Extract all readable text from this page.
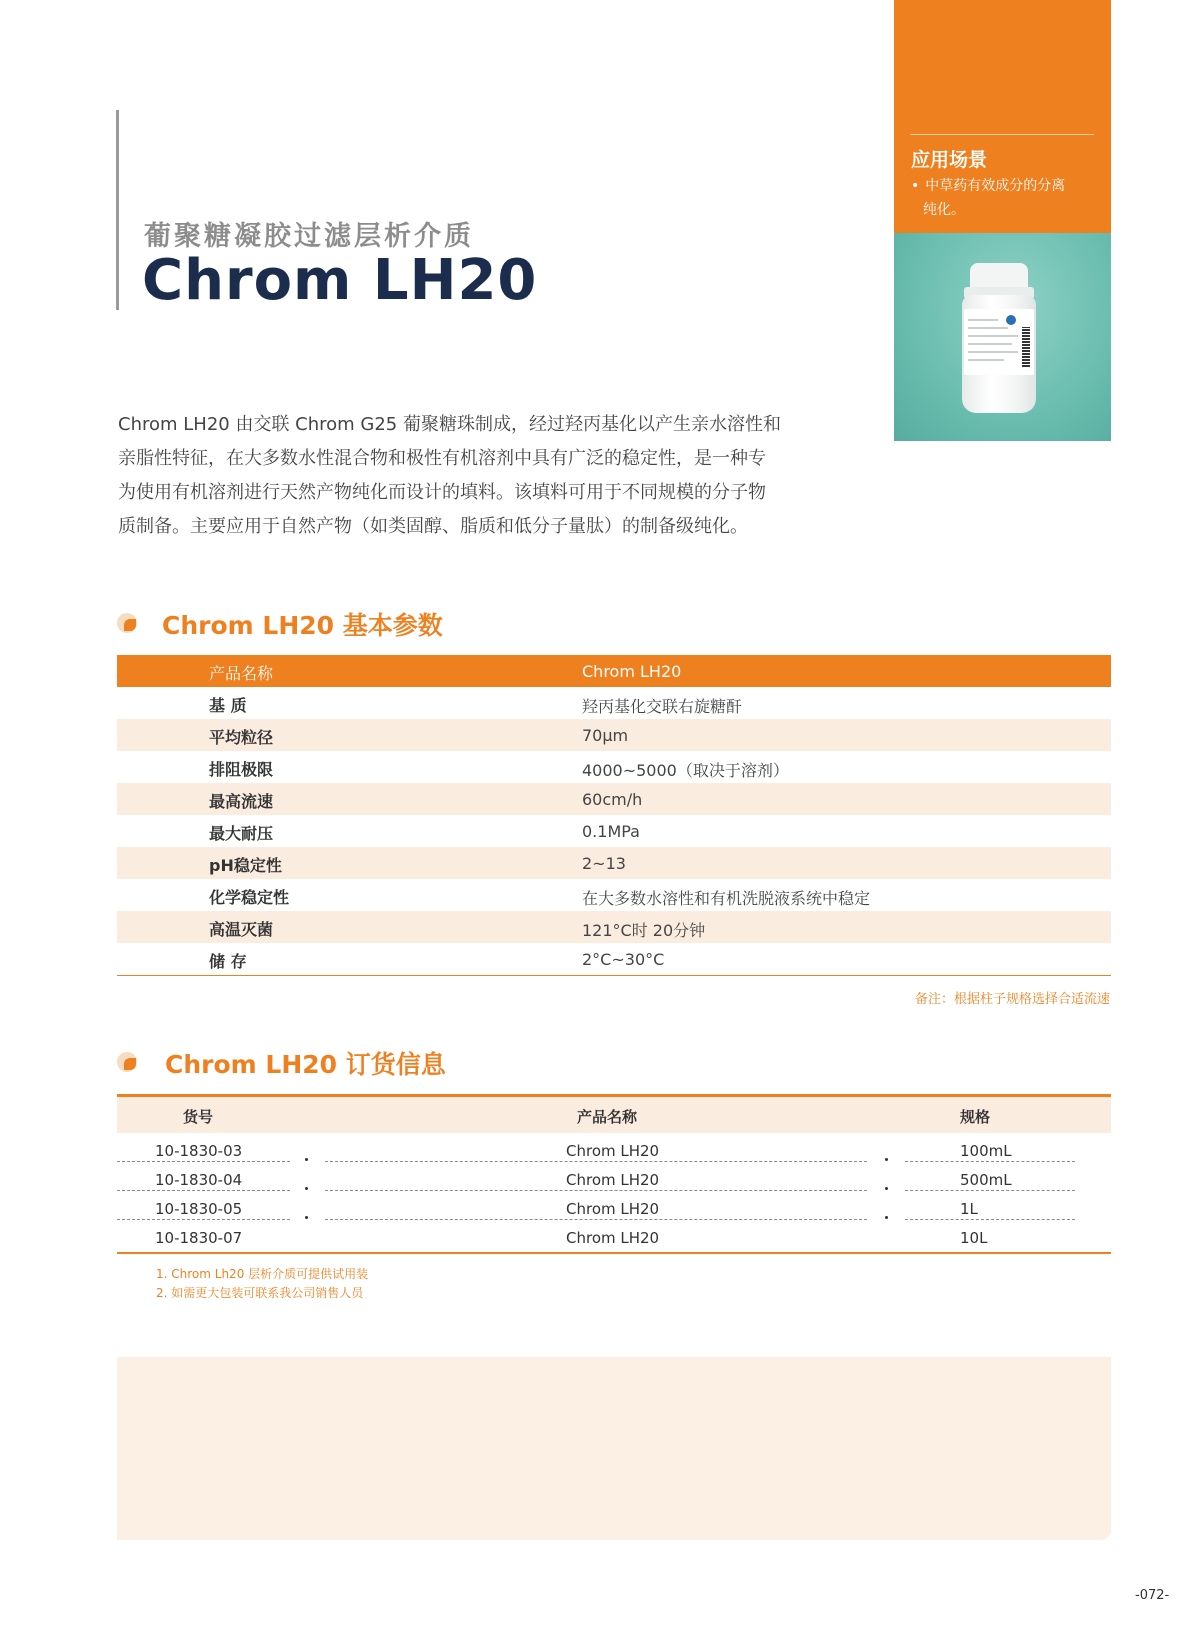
葡聚糖凝胶过滤层析介质
Chrom LH20
应用场景
• 中草药有效成分的分离
纯化。
Chrom LH20 由交联 Chrom G25 葡聚糖珠制成，经过羟丙基化以产生亲水溶性和
亲脂性特征，在大多数水性混合物和极性有机溶剂中具有广泛的稳定性，是一种专
为使用有机溶剂进行天然产物纯化而设计的填料。该填料可用于不同规模的分子物
质制备。主要应用于自然产物（如类固醇、脂质和低分子量肽）的制备级纯化。
Chrom LH20 基本参数
产品名称	Chrom LH20
基 质	羟丙基化交联右旋糖酐
平均粒径	70μm
排阻极限	4000~5000（取决于溶剂）
最高流速	60cm/h
最大耐压	0.1MPa
pH稳定性	2~13
化学稳定性	在大多数水溶性和有机洗脱液系统中稳定
高温灭菌	121°C时 20分钟
储 存	2°C~30°C
备注：根据柱子规格选择合适流速
Chrom LH20 订货信息
货号	产品名称	规格
10-1830-03	Chrom LH20	100mL
10-1830-04	Chrom LH20	500mL
10-1830-05	Chrom LH20	1L
10-1830-07	Chrom LH20	10L
1. Chrom Lh20 层析介质可提供试用装
2. 如需更大包装可联系我公司销售人员
-072-
